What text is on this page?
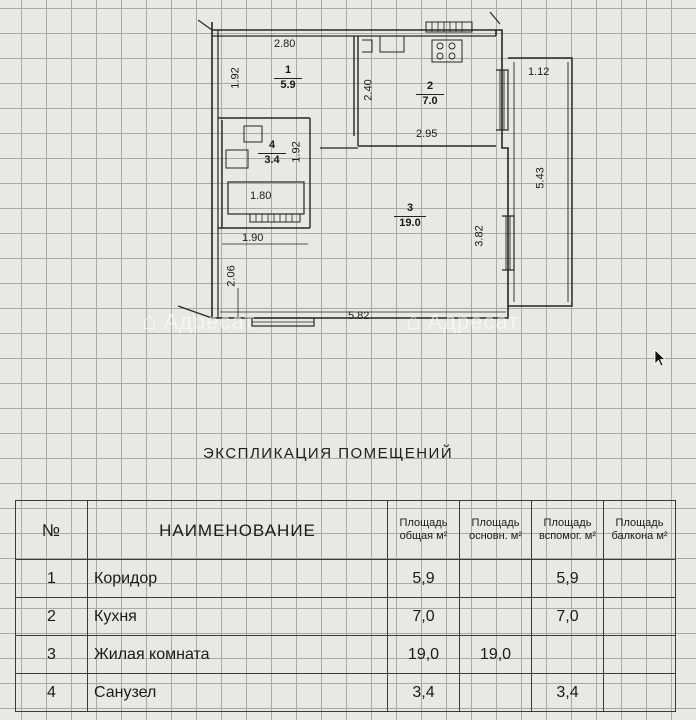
1
5.9	2
7.0
3
19.0
4
3.4
2.80
1.92
2.40
2.95
1.12
5.43
1.92
1.80
1.90	3.82
2.06
5.82
⌂ Адресат	⌂ Адресат
ЭКСПЛИКАЦИЯ ПОМЕЩЕНИЙ
№	НАИМЕНОВАНИЕ	Площадь общая м²	Площадь основн. м²	Площадь вспомог. м²	Площадь балкона м²

1	Коридор	5,9		5,9	
2	Кухня	7,0		7,0	
3	Жилая комната	19,0	19,0		
4	Санузел	3,4		3,4	
